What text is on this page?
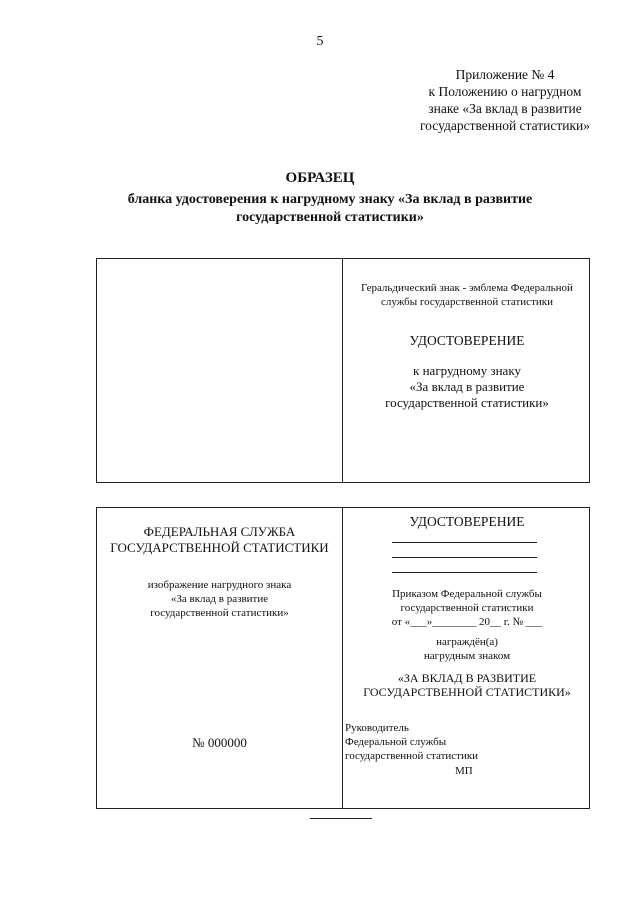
5
Приложение № 4
к Положению о нагрудном
знаке «За вклад в развитие
государственной статистики»
ОБРАЗЕЦ
бланка удостоверения к нагрудному знаку «За вклад в развитие
государственной статистики»
Геральдический знак - эмблема Федеральной
службы государственной статистики
УДОСТОВЕРЕНИЕ
к нагрудному знаку
«За вклад в развитие
государственной статистики»
ФЕДЕРАЛЬНАЯ СЛУЖБА
ГОСУДАРСТВЕННОЙ СТАТИСТИКИ
изображение нагрудного знака
«За вклад в развитие
государственной статистики»
№ 000000
УДОСТОВЕРЕНИЕ
Приказом Федеральной службы
государственной статистики
от «___»________ 20__ г. № ___
награждён(а)
нагрудным знаком
«ЗА ВКЛАД В РАЗВИТИЕ
ГОСУДАРСТВЕННОЙ СТАТИСТИКИ»
Руководитель
Федеральной службы
государственной статистики
МП
